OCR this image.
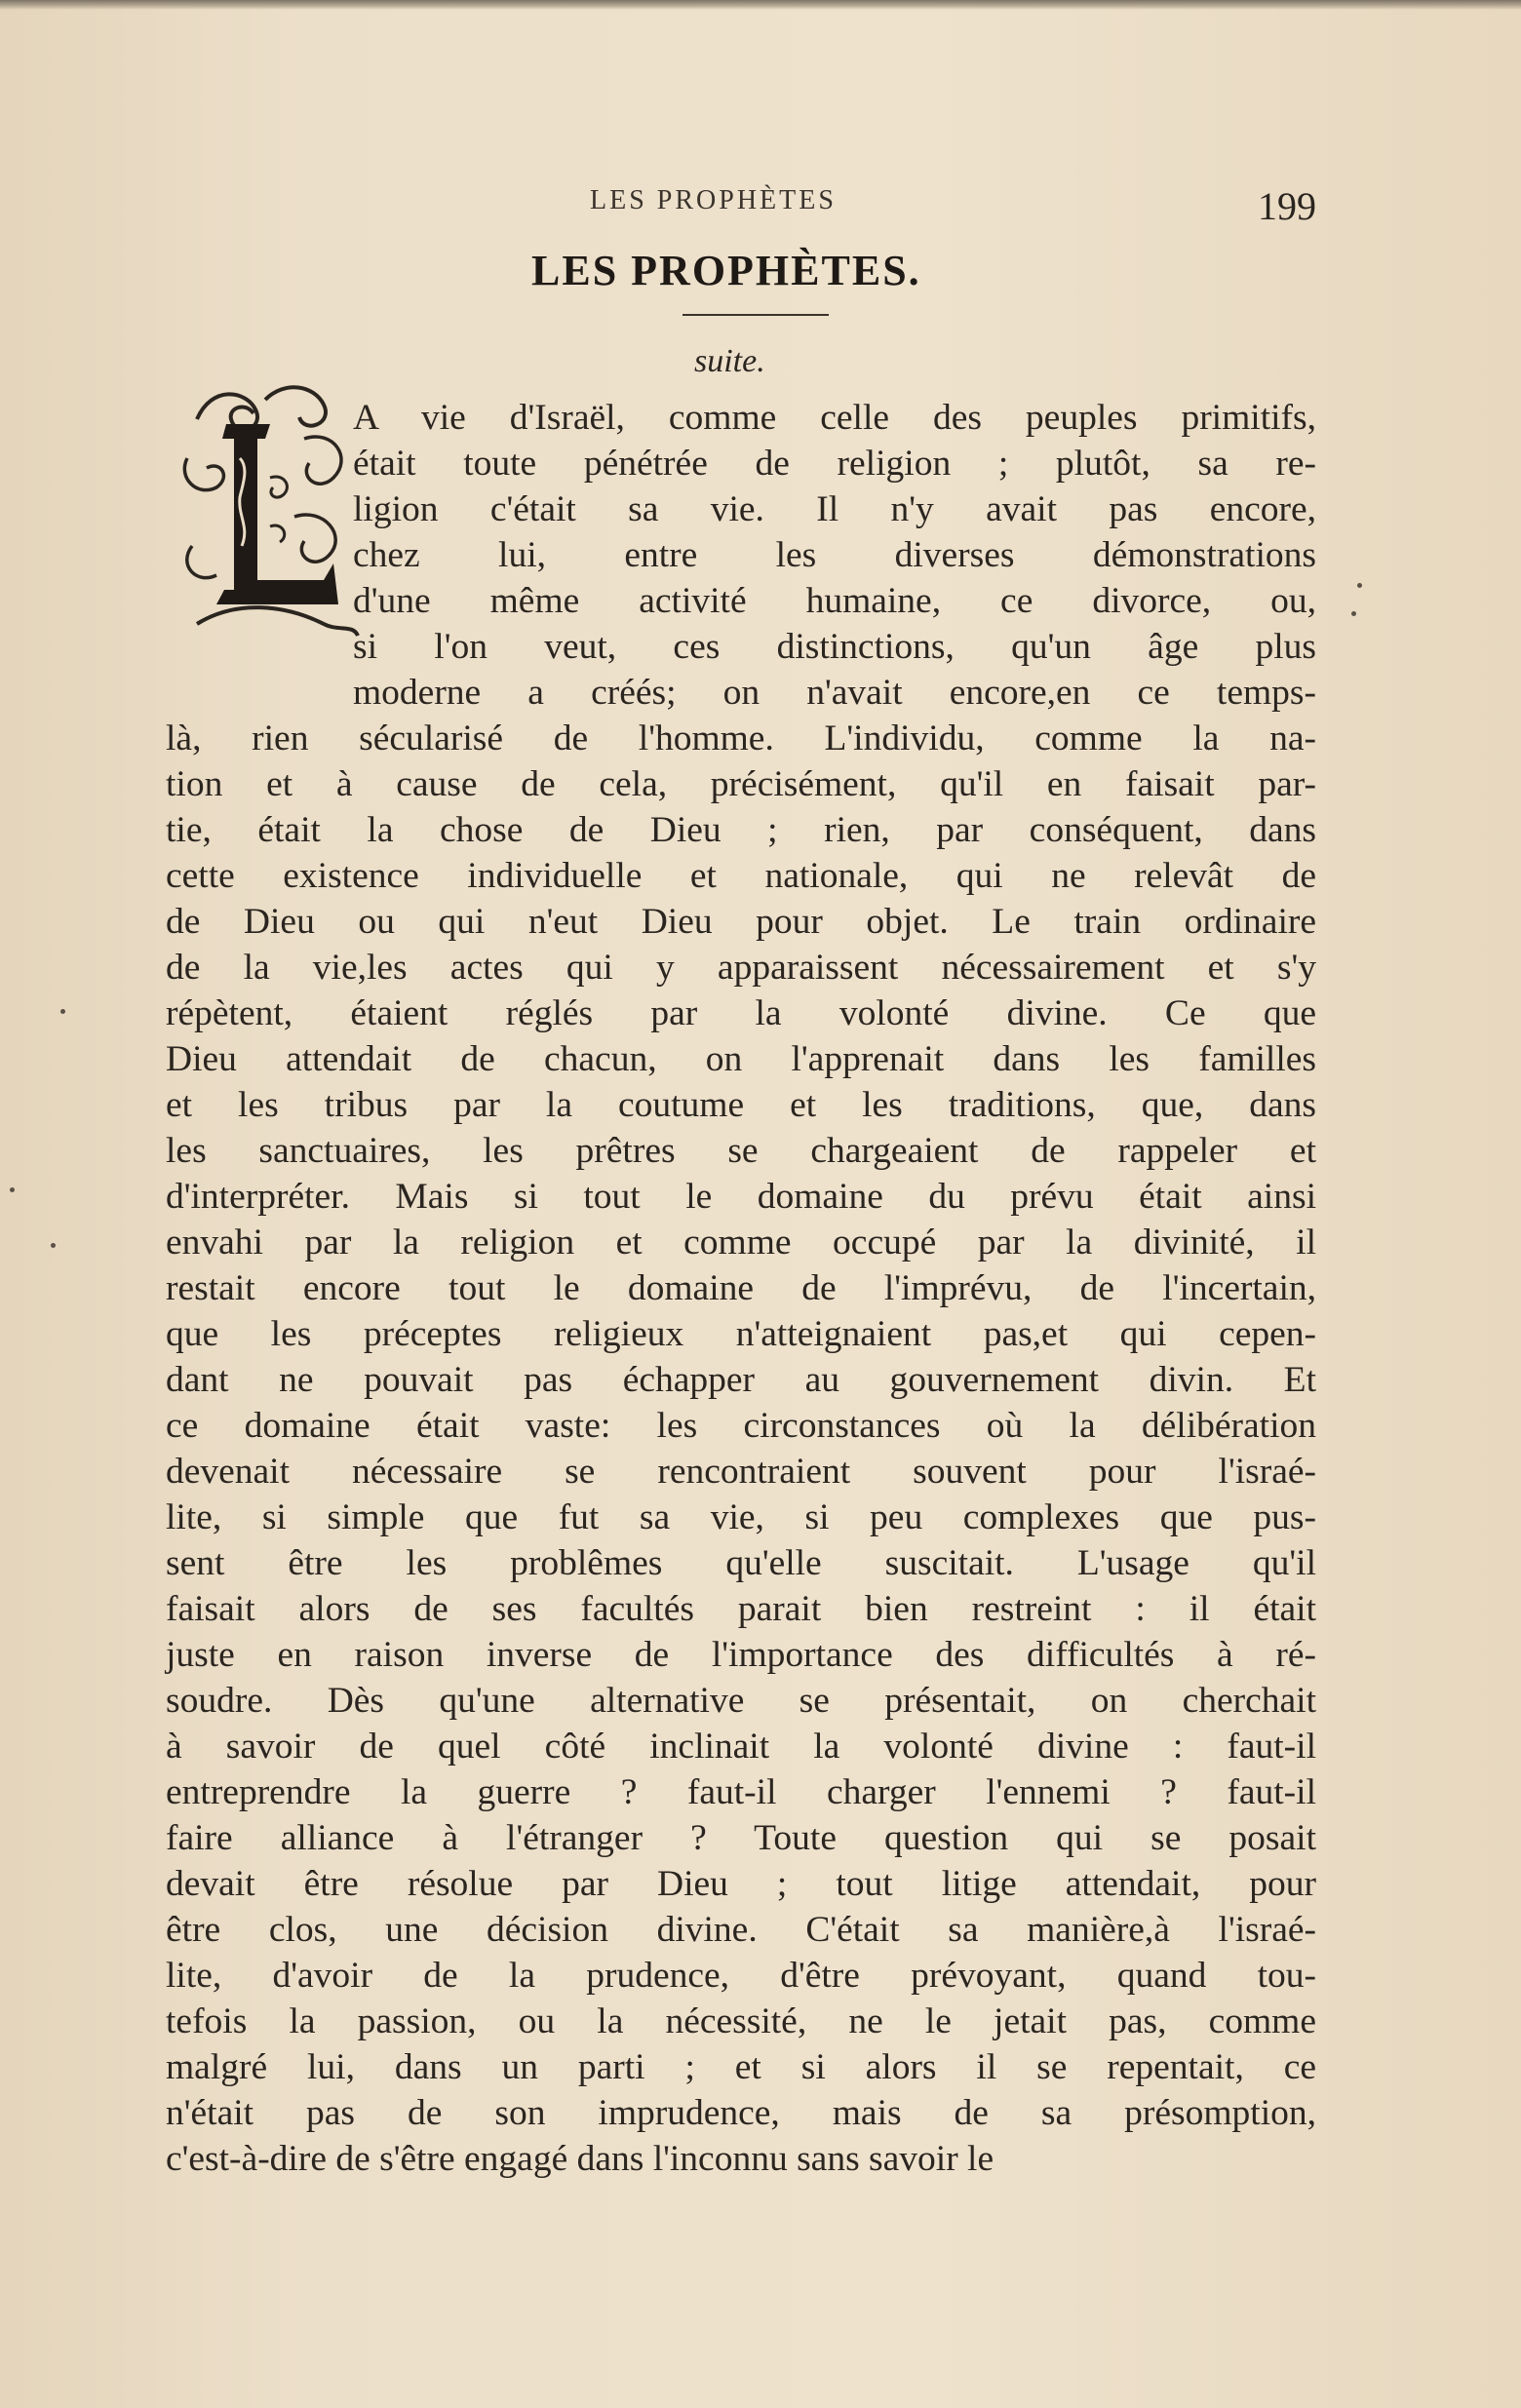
LES PROPHÈTES	199
LES PROPHÈTES.
suite.
A vie d'Israël, comme celle des peuples primitifs,
était toute pénétrée de religion ; plutôt, sa re-
ligion c'était sa vie. Il n'y avait pas encore,
chez lui, entre les diverses démonstrations
d'une même activité humaine, ce divorce, ou,
si l'on veut, ces distinctions, qu'un âge plus
moderne a créés; on n'avait encore,en ce temps-
là, rien sécularisé de l'homme. L'individu, comme la na-
tion et à cause de cela, précisément, qu'il en faisait par-
tie, était la chose de Dieu ; rien, par conséquent, dans
cette existence individuelle et nationale, qui ne relevât de
de Dieu ou qui n'eut Dieu pour objet. Le train ordinaire
de la vie,les actes qui y apparaissent nécessairement et s'y
répètent, étaient réglés par la volonté divine. Ce que
Dieu attendait de chacun, on l'apprenait dans les familles
et les tribus par la coutume et les traditions, que, dans
les sanctuaires, les prêtres se chargeaient de rappeler et
d'interpréter. Mais si tout le domaine du prévu était ainsi
envahi par la religion et comme occupé par la divinité, il
restait encore tout le domaine de l'imprévu, de l'incertain,
que les préceptes religieux n'atteignaient pas,et qui cepen-
dant ne pouvait pas échapper au gouvernement divin. Et
ce domaine était vaste: les circonstances où la délibération
devenait nécessaire se rencontraient souvent pour l'israé-
lite, si simple que fut sa vie, si peu complexes que pus-
sent être les problêmes qu'elle suscitait. L'usage qu'il
faisait alors de ses facultés parait bien restreint : il était
juste en raison inverse de l'importance des difficultés à ré-
soudre. Dès qu'une alternative se présentait, on cherchait
à savoir de quel côté inclinait la volonté divine : faut-il
entreprendre la guerre ? faut-il charger l'ennemi ? faut-il
faire alliance à l'étranger ? Toute question qui se posait
devait être résolue par Dieu ; tout litige attendait, pour
être clos, une décision divine. C'était sa manière,à l'israé-
lite, d'avoir de la prudence, d'être prévoyant, quand tou-
tefois la passion, ou la nécessité, ne le jetait pas, comme
malgré lui, dans un parti ; et si alors il se repentait, ce
n'était pas de son imprudence, mais de sa présomption,
c'est-à-dire de s'être engagé dans l'inconnu sans savoir le
